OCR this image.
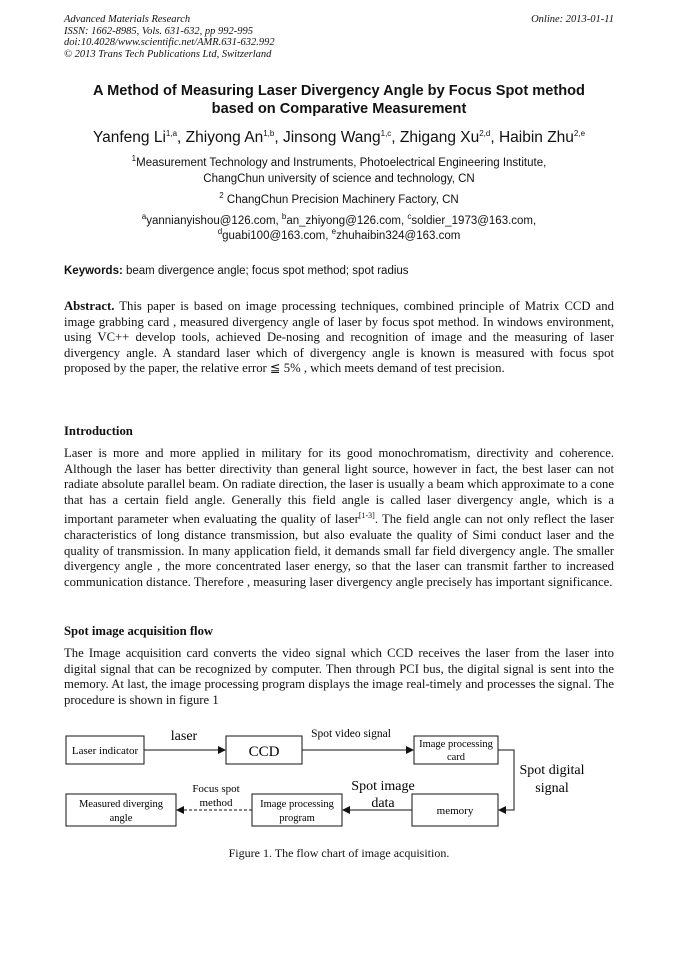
Advanced Materials Research
ISSN: 1662-8985, Vols. 631-632, pp 992-995
doi:10.4028/www.scientific.net/AMR.631-632.992
© 2013 Trans Tech Publications Ltd, Switzerland
Online: 2013-01-11
A Method of Measuring Laser Divergency Angle by Focus Spot method
based on Comparative Measurement
Yanfeng Li$^{1,a}$, Zhiyong An$^{1,b}$, Jinsong Wang$^{1,c}$, Zhigang Xu$^{2,d}$, Haibin Zhu$^{2,e}$
$^1$Measurement Technology and Instruments, Photoelectrical Engineering Institute,
ChangChun university of science and technology, CN
$^2$ ChangChun Precision Machinery Factory, CN
$^a$yannianyishou@126.com, $^b$an_zhiyong@126.com, $^c$soldier_1973@163.com,
$^d$guabi100@163.com, $^e$zhuhaibin324@163.com
Keywords: beam divergence angle; focus spot method; spot radius
Abstract. This paper is based on image processing techniques, combined principle of Matrix CCD and image grabbing card , measured divergency angle of laser by focus spot method. In windows environment, using VC++ develop tools, achieved De-nosing and recognition of image and the measuring of laser divergency angle. A standard laser which of divergency angle is known is measured with focus spot proposed by the paper, the relative error ≦ 5% , which meets demand of test precision.
Introduction
Laser is more and more applied in military for its good monochromatism, directivity and coherence. Although the laser has better directivity than general light source, however in fact, the best laser can not radiate absolute parallel beam. On radiate direction, the laser is usually a beam which approximate to a cone that has a certain field angle. Generally this field angle is called laser divergency angle, which is a important parameter when evaluating the quality of laser[1-3]. The field angle can not only reflect the laser characteristics of long distance transmission, but also evaluate the quality of Simi conduct laser and the quality of transmission. In many application field, it demands small far field divergency angle. The smaller divergency angle , the more concentrated laser energy, so that the laser can transmit farther to increased communication distance. Therefore , measuring laser divergency angle precisely has important significance.
Spot image acquisition flow
The Image acquisition card converts the video signal which CCD receives the laser from the laser into digital signal that can be recognized by computer. Then through PCI bus, the digital signal is sent into the memory. At last, the image processing program displays the image real-timely and processes the signal. The procedure is shown in figure 1
Laser indicator	CCD	Image processing
card
memory
Image processing
program
Measured diverging
angle
laser	Spot video signal
Spot digital
signal
Spot image
data
Focus spot
method
Figure 1. The flow chart of image acquisition.
